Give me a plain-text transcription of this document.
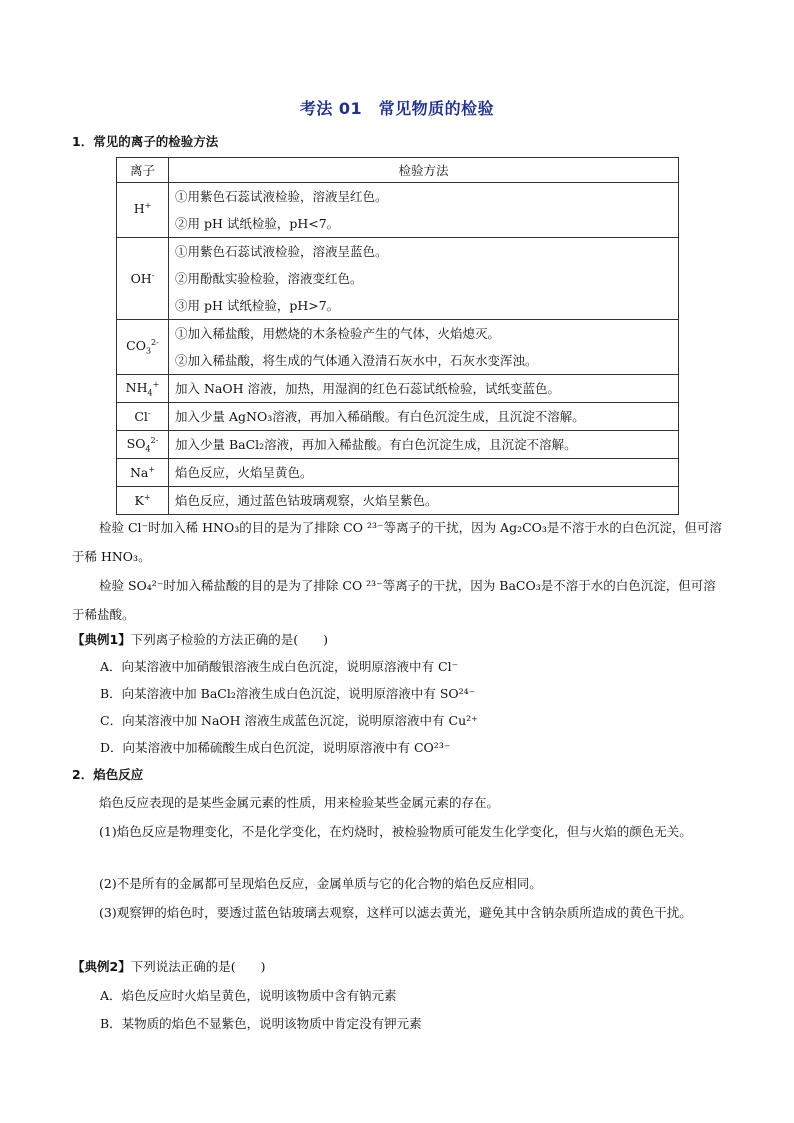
考法 01　常见物质的检验
1．常见的离子的检验方法
离子	检验方法
H+	①用紫色石蕊试液检验，溶液呈红色。
②用 pH 试纸检验，pH<7。

OH-	①用紫色石蕊试液检验，溶液呈蓝色。
②用酚酞实验检验，溶液变红色。
③用 pH 试纸检验，pH>7。

$CO_3^{2-}$	①加入稀盐酸，用燃烧的木条检验产生的气体，火焰熄灭。
②加入稀盐酸，将生成的气体通入澄清石灰水中，石灰水变浑浊。

$NH_4^+$	加入 NaOH 溶液，加热，用湿润的红色石蕊试纸检验，试纸变蓝色。
Cl-	加入少量 AgNO₃溶液，再加入稀硝酸。有白色沉淀生成，且沉淀不溶解。
$SO_4^{2-}$	加入少量 BaCl₂溶液，再加入稀盐酸。有白色沉淀生成，且沉淀不溶解。
Na+	焰色反应，火焰呈黄色。
K+	焰色反应，通过蓝色钴玻璃观察，火焰呈紫色。
检验 Cl⁻时加入稀 HNO₃的目的是为了排除 CO ²³⁻等离子的干扰，因为 Ag₂CO₃是不溶于水的白色沉淀，但可溶于稀 HNO₃。
检验 SO₄²⁻时加入稀盐酸的目的是为了排除 CO ²³⁻等离子的干扰，因为 BaCO₃是不溶于水的白色沉淀，但可溶于稀盐酸。
【典例1】下列离子检验的方法正确的是(　　)
A．向某溶液中加硝酸银溶液生成白色沉淀，说明原溶液中有 Cl⁻
B．向某溶液中加 BaCl₂溶液生成白色沉淀，说明原溶液中有 SO²⁴⁻
C．向某溶液中加 NaOH 溶液生成蓝色沉淀，说明原溶液中有 Cu²⁺
D．向某溶液中加稀硫酸生成白色沉淀，说明原溶液中有 CO²³⁻
2．焰色反应
焰色反应表现的是某些金属元素的性质，用来检验某些金属元素的存在。
(1)焰色反应是物理变化，不是化学变化，在灼烧时，被检验物质可能发生化学变化，但与火焰的颜色无关。
(2)不是所有的金属都可呈现焰色反应，金属单质与它的化合物的焰色反应相同。
(3)观察钾的焰色时，要透过蓝色钴玻璃去观察，这样可以滤去黄光，避免其中含钠杂质所造成的黄色干扰。
【典例2】下列说法正确的是(　　)
A．焰色反应时火焰呈黄色，说明该物质中含有钠元素
B．某物质的焰色不显紫色，说明该物质中肯定没有钾元素
